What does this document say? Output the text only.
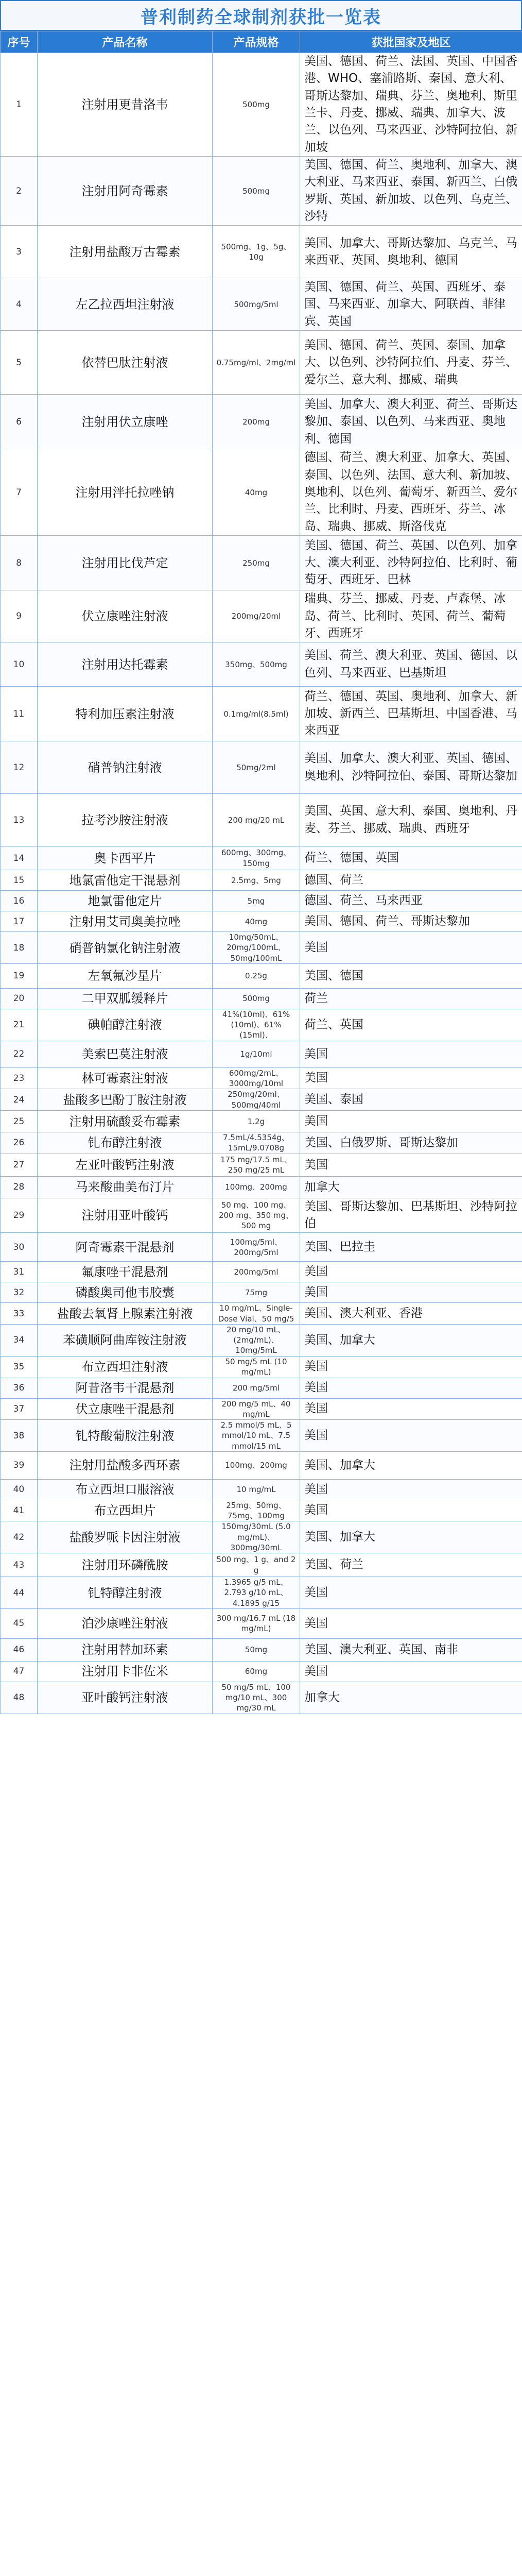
普利制药全球制剂获批一览表
序号	产品名称	产品规格	获批国家及地区
1	注射用更昔洛韦	500mg	美国、德国、荷兰、法国、英国、中国香港、WHO、塞浦路斯、秦国、意大利、哥斯达黎加、瑞典、芬兰、奥地利、斯里兰卡、丹麦、挪威、瑞典、加拿大、波兰、以色列、马来西亚、沙特阿拉伯、新加坡
2	注射用阿奇霉素	500mg	美国、德国、荷兰、奥地利、加拿大、澳大利亚、马来西亚、泰国、新西兰、白俄罗斯、英国、新加坡、以色列、乌克兰、沙特
3	注射用盐酸万古霉素	500mg、1g、5g、10g	美国、加拿大、哥斯达黎加、乌克兰、马来西亚、英国、奥地利、德国
4	左乙拉西坦注射液	500mg/5ml	美国、德国、荷兰、英国、西班牙、泰国、马来西亚、加拿大、阿联酋、菲律宾、英国
5	依替巴肽注射液	0.75mg/ml、2mg/ml	美国、德国、荷兰、英国、泰国、加拿大、以色列、沙特阿拉伯、丹麦、芬兰、爱尔兰、意大利、挪威、瑞典
6	注射用伏立康唑	200mg	美国、加拿大、澳大利亚、荷兰、哥斯达黎加、泰国、以色列、马来西亚、奥地利、德国
7	注射用泮托拉唑钠	40mg	德国、荷兰、澳大利亚、加拿大、英国、泰国、以色列、法国、意大利、新加坡、奥地利、以色列、葡萄牙、新西兰、爱尔兰、比利时、丹麦、西班牙、芬兰、冰岛、瑞典、挪威、斯洛伐克
8	注射用比伐芦定	250mg	美国、德国、荷兰、英国、以色列、加拿大、澳大利亚、沙特阿拉伯、比利时、葡萄牙、西班牙、巴林
9	伏立康唑注射液	200mg/20ml	瑞典、芬兰、挪威、丹麦、卢森堡、冰岛、荷兰、比利时、英国、荷兰、葡萄牙、西班牙
10	注射用达托霉素	350mg、500mg	美国、荷兰、澳大利亚、英国、德国、以色列、马来西亚、巴基斯坦
11	特利加压素注射液	0.1mg/ml(8.5ml)	荷兰、德国、英国、奥地利、加拿大、新加坡、新西兰、巴基斯坦、中国香港、马来西亚
12	硝普钠注射液	50mg/2ml	美国、加拿大、澳大利亚、英国、德国、奥地利、沙特阿拉伯、泰国、哥斯达黎加
13	拉考沙胺注射液	200 mg/20 mL	美国、英国、意大利、泰国、奥地利、丹麦、芬兰、挪威、瑞典、西班牙
14	奥卡西平片	600mg、300mg、150mg	荷兰、德国、英国
15	地氯雷他定干混悬剂	2.5mg、5mg	德国、荷兰
16	地氯雷他定片	5mg	德国、荷兰、马来西亚
17	注射用艾司奥美拉唑	40mg	美国、德国、荷兰、哥斯达黎加
18	硝普钠氯化钠注射液	10mg/50mL、20mg/100mL、50mg/100mL	美国
19	左氧氟沙星片	0.25g	美国、德国
20	二甲双胍缓释片	500mg	荷兰
21	碘帕醇注射液	41%(10ml)、61%(10ml)、61%(15ml)、	荷兰、英国
22	美索巴莫注射液	1g/10ml	美国
23	林可霉素注射液	600mg/2mL、3000mg/10ml	美国
24	盐酸多巴酚丁胺注射液	250mg/20ml、500mg/40ml	美国、泰国
25	注射用硫酸妥布霉素	1.2g	美国
26	钆布醇注射液	7.5mL/4.5354g、15mL/9.0708g	美国、白俄罗斯、哥斯达黎加
27	左亚叶酸钙注射液	175 mg/17.5 mL、250 mg/25 mL	美国
28	马来酸曲美布汀片	100mg、200mg	加拿大
29	注射用亚叶酸钙	50 mg、100 mg、200 mg、350 mg、500 mg	美国、哥斯达黎加、巴基斯坦、沙特阿拉伯
30	阿奇霉素干混悬剂	100mg/5ml、200mg/5ml	美国、巴拉圭
31	氟康唑干混悬剂	200mg/5ml	美国
32	磷酸奥司他韦胶囊	75mg	美国
33	盐酸去氧肾上腺素注射液	10 mg/mL、Single-Dose Vial、50 mg/5	美国、澳大利亚、香港
34	苯磺顺阿曲库铵注射液	20 mg/10 mL、(2mg/mL)、10mg/5mL	美国、加拿大
35	布立西坦注射液	50 mg/5 mL (10 mg/mL)	美国
36	阿昔洛韦干混悬剂	200 mg/5ml	美国
37	伏立康唑干混悬剂	200 mg/5 mL、40 mg/mL	美国
38	钆特酸葡胺注射液	2.5 mmol/5 mL、5 mmol/10 mL、7.5 mmol/15 mL	美国
39	注射用盐酸多西环素	100mg、200mg	美国、加拿大
40	布立西坦口服溶液	10 mg/mL	美国
41	布立西坦片	25mg、50mg、75mg、100mg	美国
42	盐酸罗哌卡因注射液	150mg/30mL (5.0 mg/mL)、300mg/30mL	美国、加拿大
43	注射用环磷酰胺	500 mg、1 g、and 2 g	美国、荷兰
44	钆特醇注射液	1.3965 g/5 mL、2.793 g/10 mL、4.1895 g/15	美国
45	泊沙康唑注射液	300 mg/16.7 mL (18 mg/mL)	美国
46	注射用替加环素	50mg	美国、澳大利亚、英国、南非
47	注射用卡非佐米	60mg	美国
48	亚叶酸钙注射液	50 mg/5 mL、100 mg/10 mL、300 mg/30 mL	加拿大
